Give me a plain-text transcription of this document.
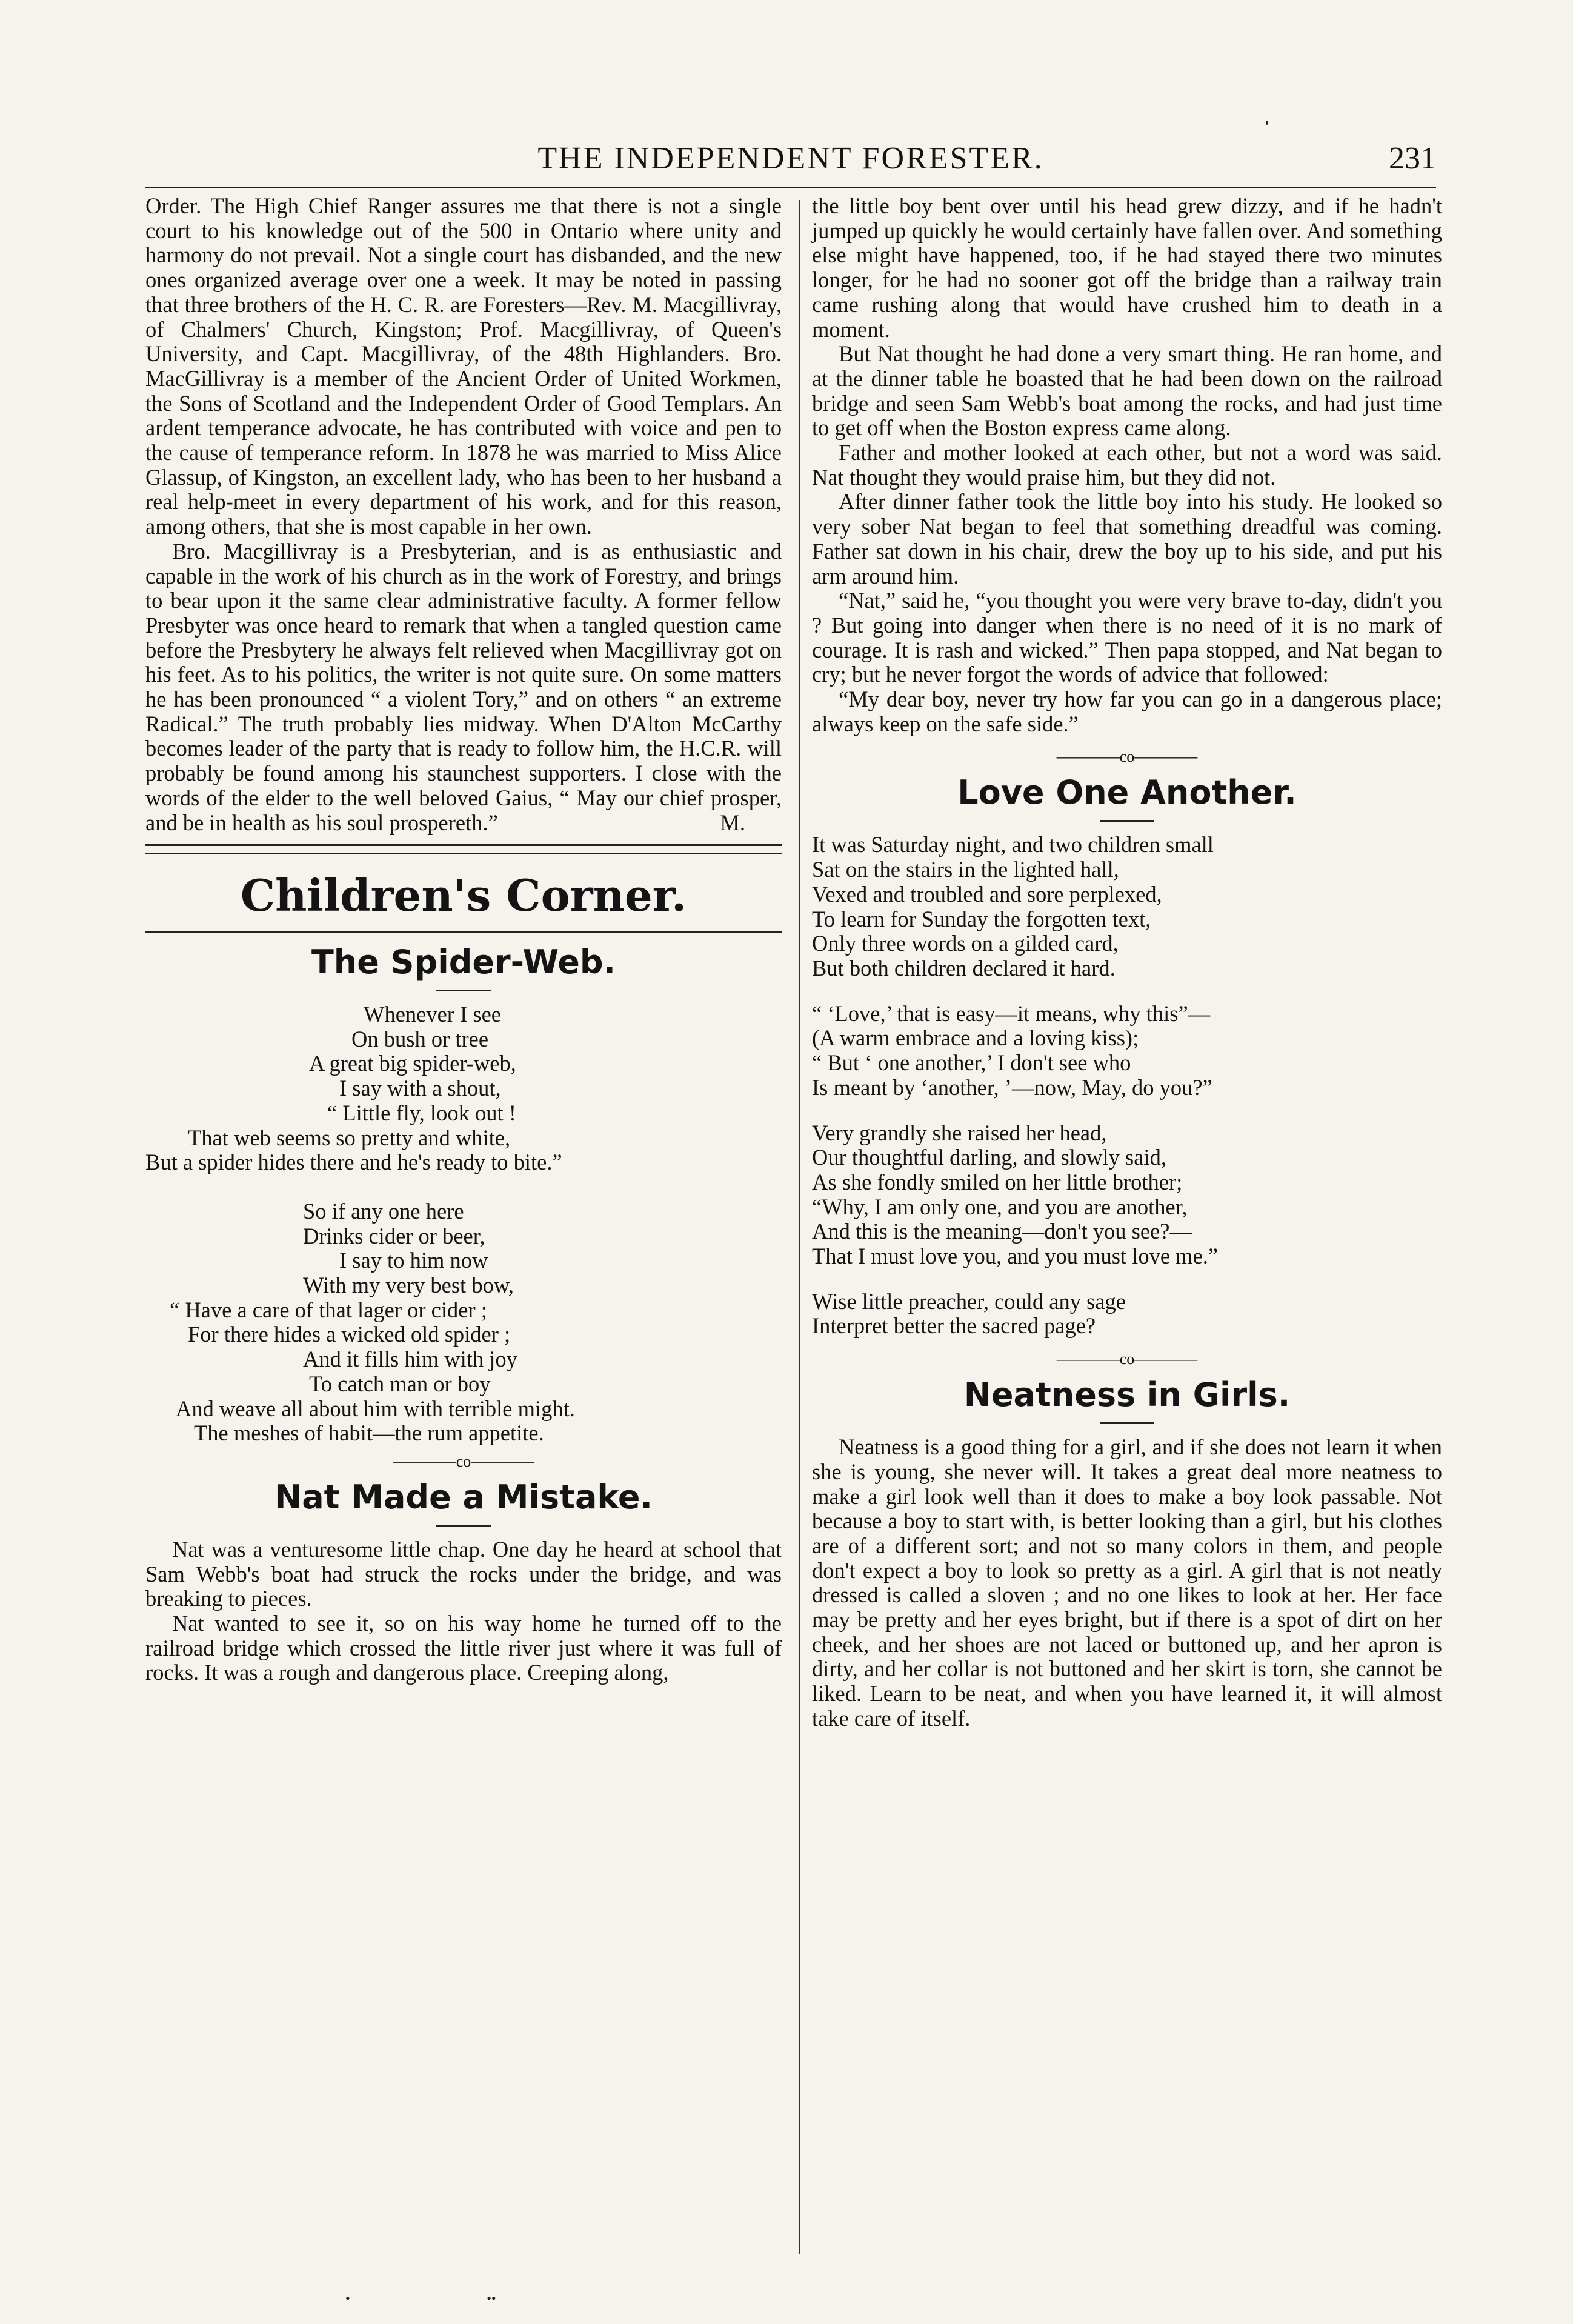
'
THE INDEPENDENT FORESTER.	231

Order. The High Chief Ranger assures me that there is not a single court to his knowledge out of the 500 in Ontario where unity and harmony do not prevail. Not a single court has disbanded, and the new ones organized average over one a week. It may be noted in passing that three brothers of the H. C. R. are Foresters—Rev. M. Macgillivray, of Chalmers' Church, Kingston; Prof. Macgillivray, of Queen's University, and Capt. Macgillivray, of the 48th Highlanders. Bro. MacGillivray is a member of the Ancient Order of United Workmen, the Sons of Scotland and the Independent Order of Good Templars. An ardent temperance advocate, he has contributed with voice and pen to the cause of temperance reform. In 1878 he was married to Miss Alice Glassup, of Kingston, an excellent lady, who has been to her husband a real help-meet in every department of his work, and for this reason, among others, that she is most capable in her own.

Bro. Macgillivray is a Presbyterian, and is as enthusiastic and capable in the work of his church as in the work of Forestry, and brings to bear upon it the same clear administrative faculty. A former fellow Presbyter was once heard to remark that when a tangled question came before the Presbytery he always felt relieved when Macgillivray got on his feet. As to his politics, the writer is not quite sure. On some matters he has been pronounced “ a violent Tory,” and on others “ an extreme Radical.” The truth probably lies midway. When D'Alton McCarthy becomes leader of the party that is ready to follow him, the H.C.R. will probably be found among his staunchest supporters. I close with the words of the elder to the well beloved Gaius, “ May our chief prosper, and be in health as his soul prospereth.”	M.

Children's Corner.
The Spider-Web.

Whenever I see

On bush or tree

A great big spider-web,

I say with a shout,

“ Little fly, look out !

That web seems so pretty and white,

But a spider hides there and he's ready to bite.”

So if any one here

Drinks cider or beer,

I say to him now

With my very best bow,

“ Have a care of that lager or cider ;

For there hides a wicked old spider ;

And it fills him with joy

To catch man or boy

And weave all about him with terrible might.

The meshes of habit—the rum appetite.

————со————
Nat Made a Mistake.

Nat was a venturesome little chap. One day he heard at school that Sam Webb's boat had struck the rocks under the bridge, and was breaking to pieces.

Nat wanted to see it, so on his way home he turned off to the railroad bridge which crossed the little river just where it was full of rocks. It was a rough and dangerous place. Creeping along,

the little boy bent over until his head grew dizzy, and if he hadn't jumped up quickly he would certainly have fallen over. And something else might have happened, too, if he had stayed there two minutes longer, for he had no sooner got off the bridge than a railway train came rushing along that would have crushed him to death in a moment.

But Nat thought he had done a very smart thing. He ran home, and at the dinner table he boasted that he had been down on the railroad bridge and seen Sam Webb's boat among the rocks, and had just time to get off when the Boston express came along.

Father and mother looked at each other, but not a word was said. Nat thought they would praise him, but they did not.

After dinner father took the little boy into his study. He looked so very sober Nat began to feel that something dreadful was coming. Father sat down in his chair, drew the boy up to his side, and put his arm around him.

“Nat,” said he, “you thought you were very brave to-day, didn't you ? But going into danger when there is no need of it is no mark of courage. It is rash and wicked.” Then papa stopped, and Nat began to cry; but he never forgot the words of advice that followed:

“My dear boy, never try how far you can go in a dangerous place; always keep on the safe side.”

————со————
Love One Another.

It was Saturday night, and two children small

Sat on the stairs in the lighted hall,

Vexed and troubled and sore perplexed,

To learn for Sunday the forgotten text,

Only three words on a gilded card,

But both children declared it hard.

“ ‘Love,’ that is easy—it means, why this”—

(A warm embrace and a loving kiss);

“ But ‘ one another,’ I don't see who

Is meant by ‘another, ’—now, May, do you?”

Very grandly she raised her head,

Our thoughtful darling, and slowly said,

As she fondly smiled on her little brother;

“Why, I am only one, and you are another,

And this is the meaning—don't you see?—

That I must love you, and you must love me.”

Wise little preacher, could any sage

Interpret better the sacred page?

————со————
Neatness in Girls.

Neatness is a good thing for a girl, and if she does not learn it when she is young, she never will. It takes a great deal more neatness to make a girl look well than it does to make a boy look passable. Not because a boy to start with, is better looking than a girl, but his clothes are of a different sort; and not so many colors in them, and people don't expect a boy to look so pretty as a girl. A girl that is not neatly dressed is called a sloven ; and no one likes to look at her. Her face may be pretty and her eyes bright, but if there is a spot of dirt on her cheek, and her shoes are not laced or buttoned up, and her apron is dirty, and her collar is not buttoned and her skirt is torn, she cannot be liked. Learn to be neat, and when you have learned it, it will almost take care of itself.

•                                         ••
